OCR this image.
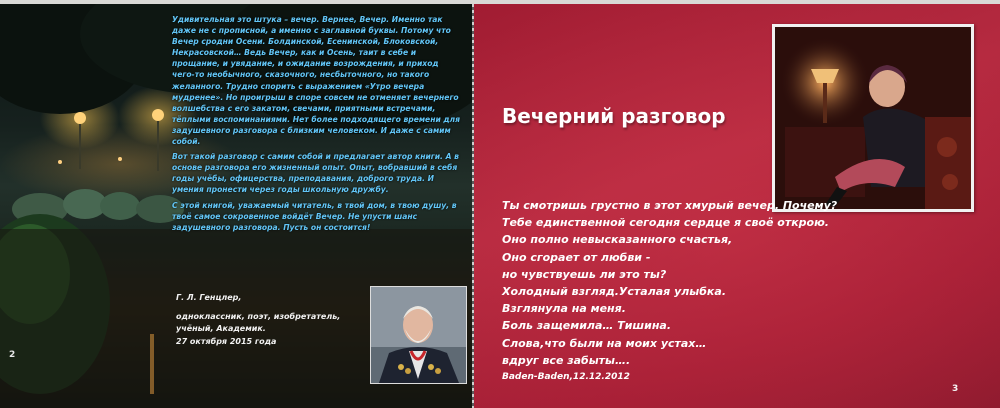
Удивительная это штука – вечер. Вернее, Вечер. Именно так даже не с прописной, а именно с заглавной буквы. Потому что Вечер сродни Осени. Болдинской, Есенинской, Блоковской, Некрасовской… Ведь Вечер, как и Осень, таит в себе и прощание, и увядание, и ожидание возрождения, и приход чего-то необычного, сказочного, несбыточного, но такого желанного. Трудно спорить с выражением «Утро вечера мудренее». Но проигрыш в споре совсем не отменяет вечернего волшебства с его закатом, свечами, приятными встречами, тёплыми воспоминаниями. Нет более подходящего времени для задушевного разговора с близким человеком. И даже с самим собой.

Вот такой разговор с самим собой и предлагает автор книги. А в основе разговора его жизненный опыт. Опыт, вобравший в себя годы учёбы, офицерства, преподавания, доброго труда. И умения пронести через годы школьную дружбу.

С этой книгой, уважаемый читатель, в твой дом, в твою душу, в твоё самое сокровенное войдёт Вечер. Не упусти шанс задушевного разговора. Пусть он состоится!

Г. Л. Генцлер,
одноклассник, поэт, изобретатель,
учёный, Академик.
27 октября 2015 года
2
Вечерний разговор
Ты смотришь грустно в этот хмурый вечер. Почему?
Тебе единственной сегодня сердце я своё открою.
Оно полно невысказанного счастья,
Оно сгорает от любви -
но чувствуешь ли это ты?
Холодный взгляд.Усталая улыбка.
Взглянула на меня.
Боль защемила… Тишина.
Слова,что были на моих устах…
вдруг все забыты….
Baden-Baden,12.12.2012
3
